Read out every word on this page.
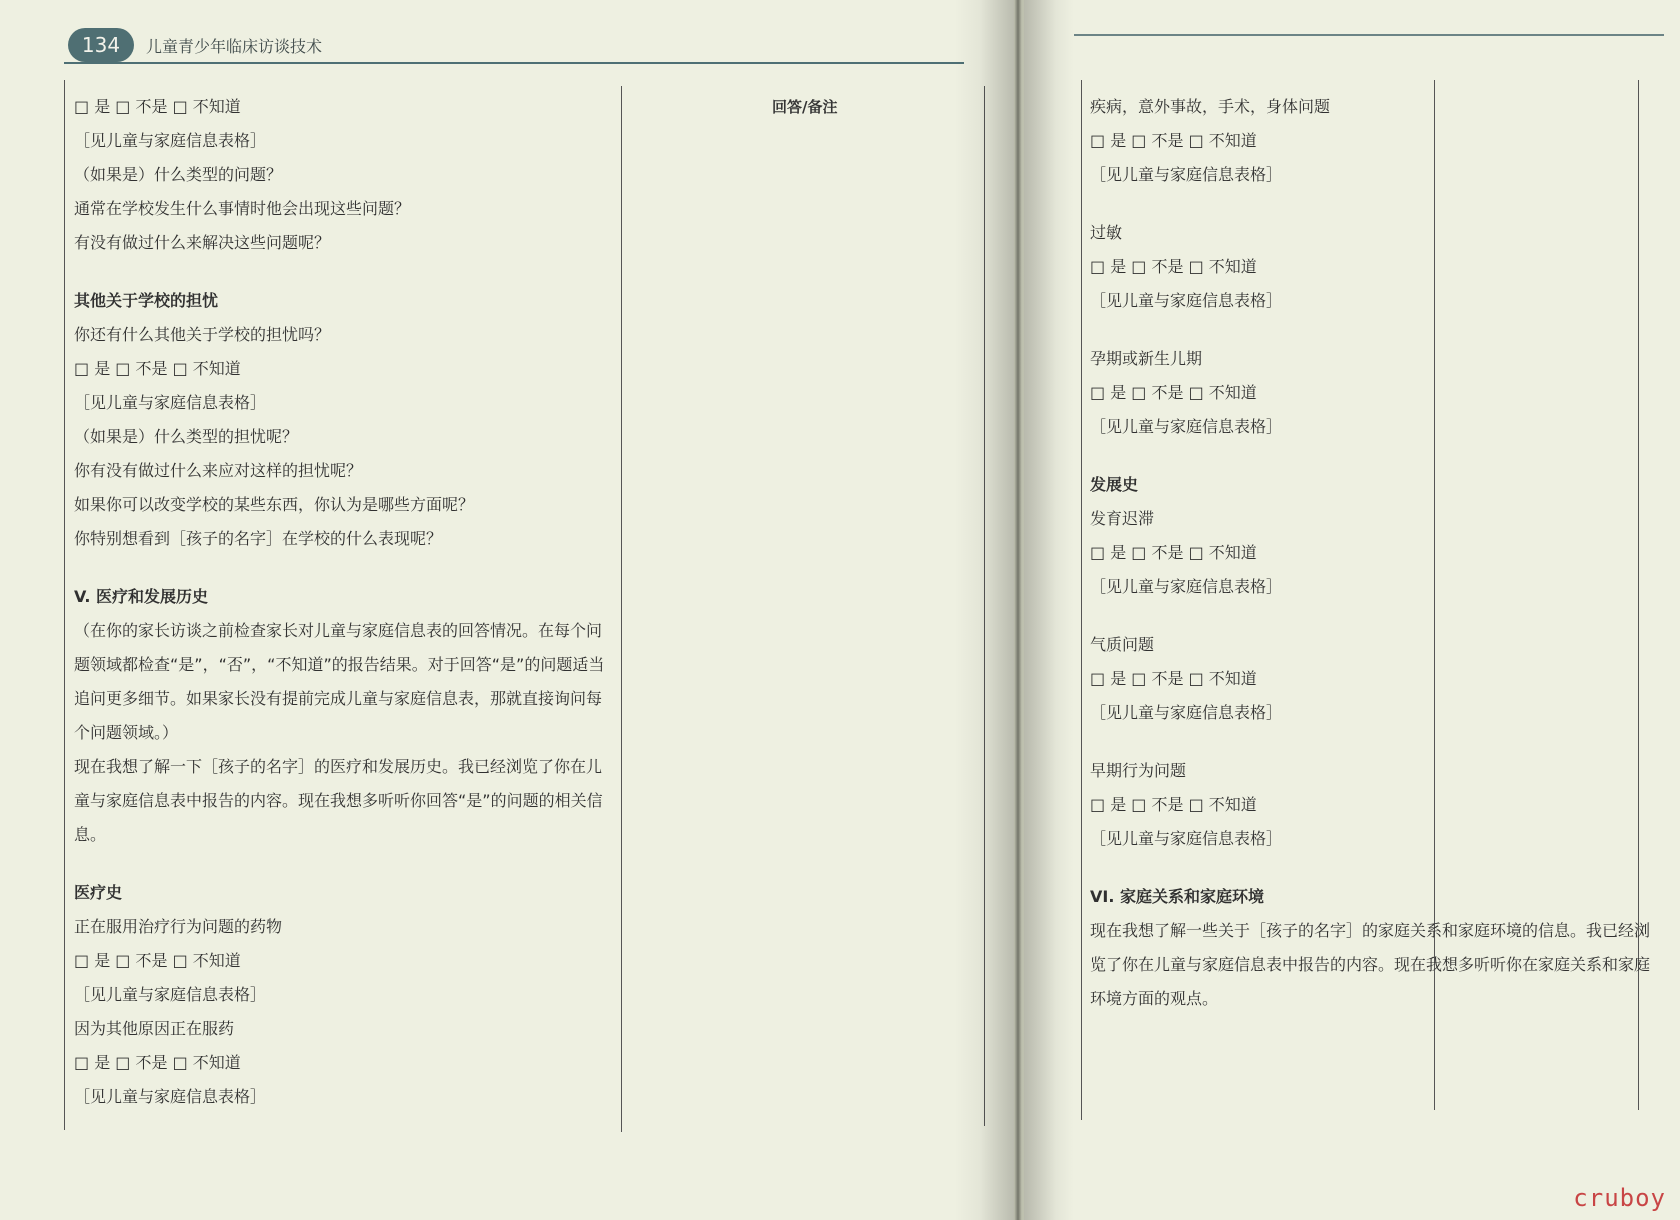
134	儿童青少年临床访谈技术
回答/备注
□ 是 □ 不是 □ 不知道
［见儿童与家庭信息表格］
（如果是）什么类型的问题？
通常在学校发生什么事情时他会出现这些问题？
有没有做过什么来解决这些问题呢？
其他关于学校的担忧
你还有什么其他关于学校的担忧吗？
□ 是 □ 不是 □ 不知道
［见儿童与家庭信息表格］
（如果是）什么类型的担忧呢？
你有没有做过什么来应对这样的担忧呢？
如果你可以改变学校的某些东西，你认为是哪些方面呢？
你特别想看到［孩子的名字］在学校的什么表现呢？
V. 医疗和发展历史
（在你的家长访谈之前检查家长对儿童与家庭信息表的回答情况。在每个问题领域都检查“是”，“否”，“不知道”的报告结果。对于回答“是”的问题适当追问更多细节。如果家长没有提前完成儿童与家庭信息表，那就直接询问每个问题领域。）
现在我想了解一下［孩子的名字］的医疗和发展历史。我已经浏览了你在儿童与家庭信息表中报告的内容。现在我想多听听你回答“是”的问题的相关信息。
医疗史
正在服用治疗行为问题的药物
□ 是 □ 不是 □ 不知道
［见儿童与家庭信息表格］
因为其他原因正在服药
□ 是 □ 不是 □ 不知道
［见儿童与家庭信息表格］
疾病，意外事故，手术，身体问题
□ 是 □ 不是 □ 不知道
［见儿童与家庭信息表格］
过敏
□ 是 □ 不是 □ 不知道
［见儿童与家庭信息表格］
孕期或新生儿期
□ 是 □ 不是 □ 不知道
［见儿童与家庭信息表格］
发展史
发育迟滞
□ 是 □ 不是 □ 不知道
［见儿童与家庭信息表格］
气质问题
□ 是 □ 不是 □ 不知道
［见儿童与家庭信息表格］
早期行为问题
□ 是 □ 不是 □ 不知道
［见儿童与家庭信息表格］
VI. 家庭关系和家庭环境
现在我想了解一些关于［孩子的名字］的家庭关系和家庭环境的信息。我已经浏览了你在儿童与家庭信息表中报告的内容。现在我想多听听你在家庭关系和家庭环境方面的观点。
cruboy
